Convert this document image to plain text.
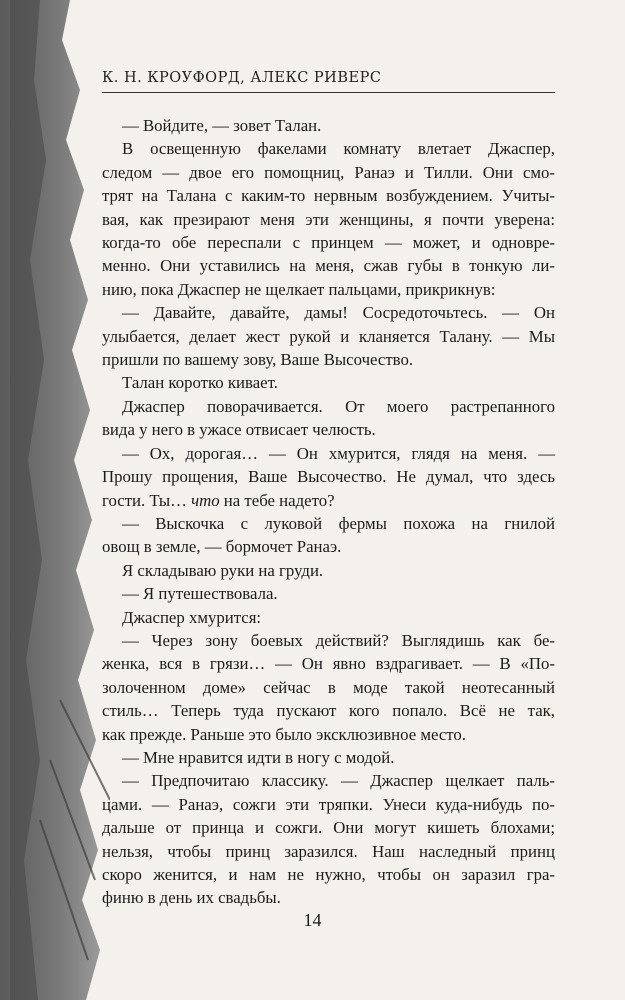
К. Н. КРОУФОРД, АЛЕКС РИВЕРС
— Войдите, — зовет Талан.
В освещенную факелами комнату влетает Джаспер,
следом — двое его помощниц, Ранаэ и Тилли. Они смо-
трят на Талана с каким-то нервным возбуждением. Учиты-
вая, как презирают меня эти женщины, я почти уверена:
когда-то обе переспали с принцем — может, и одновре-
менно. Они уставились на меня, сжав губы в тонкую ли-
нию, пока Джаспер не щелкает пальцами, прикрикнув:
— Давайте, давайте, дамы! Сосредоточьтесь. — Он
улыбается, делает жест рукой и кланяется Талану. — Мы
пришли по вашему зову, Ваше Высочество.
Талан коротко кивает.
Джаспер поворачивается. От моего растрепанного
вида у него в ужасе отвисает челюсть.
— Ох, дорогая… — Он хмурится, глядя на меня. —
Прошу прощения, Ваше Высочество. Не думал, что здесь
гости. Ты… что на тебе надето?
— Выскочка с луковой фермы похожа на гнилой
овощ в земле, — бормочет Ранаэ.
Я складываю руки на груди.
— Я путешествовала.
Джаспер хмурится:
— Через зону боевых действий? Выглядишь как бе-
женка, вся в грязи… — Он явно вздрагивает. — В «По-
золоченном доме» сейчас в моде такой неотесанный
стиль… Теперь туда пускают кого попало. Всё не так,
как прежде. Раньше это было эксклюзивное место.
— Мне нравится идти в ногу с модой.
— Предпочитаю классику. — Джаспер щелкает паль-
цами. — Ранаэ, сожги эти тряпки. Унеси куда-нибудь по-
дальше от принца и сожги. Они могут кишеть блохами;
нельзя, чтобы принц заразился. Наш наследный принц
скоро женится, и нам не нужно, чтобы он заразил гра-
финю в день их свадьбы.
14
